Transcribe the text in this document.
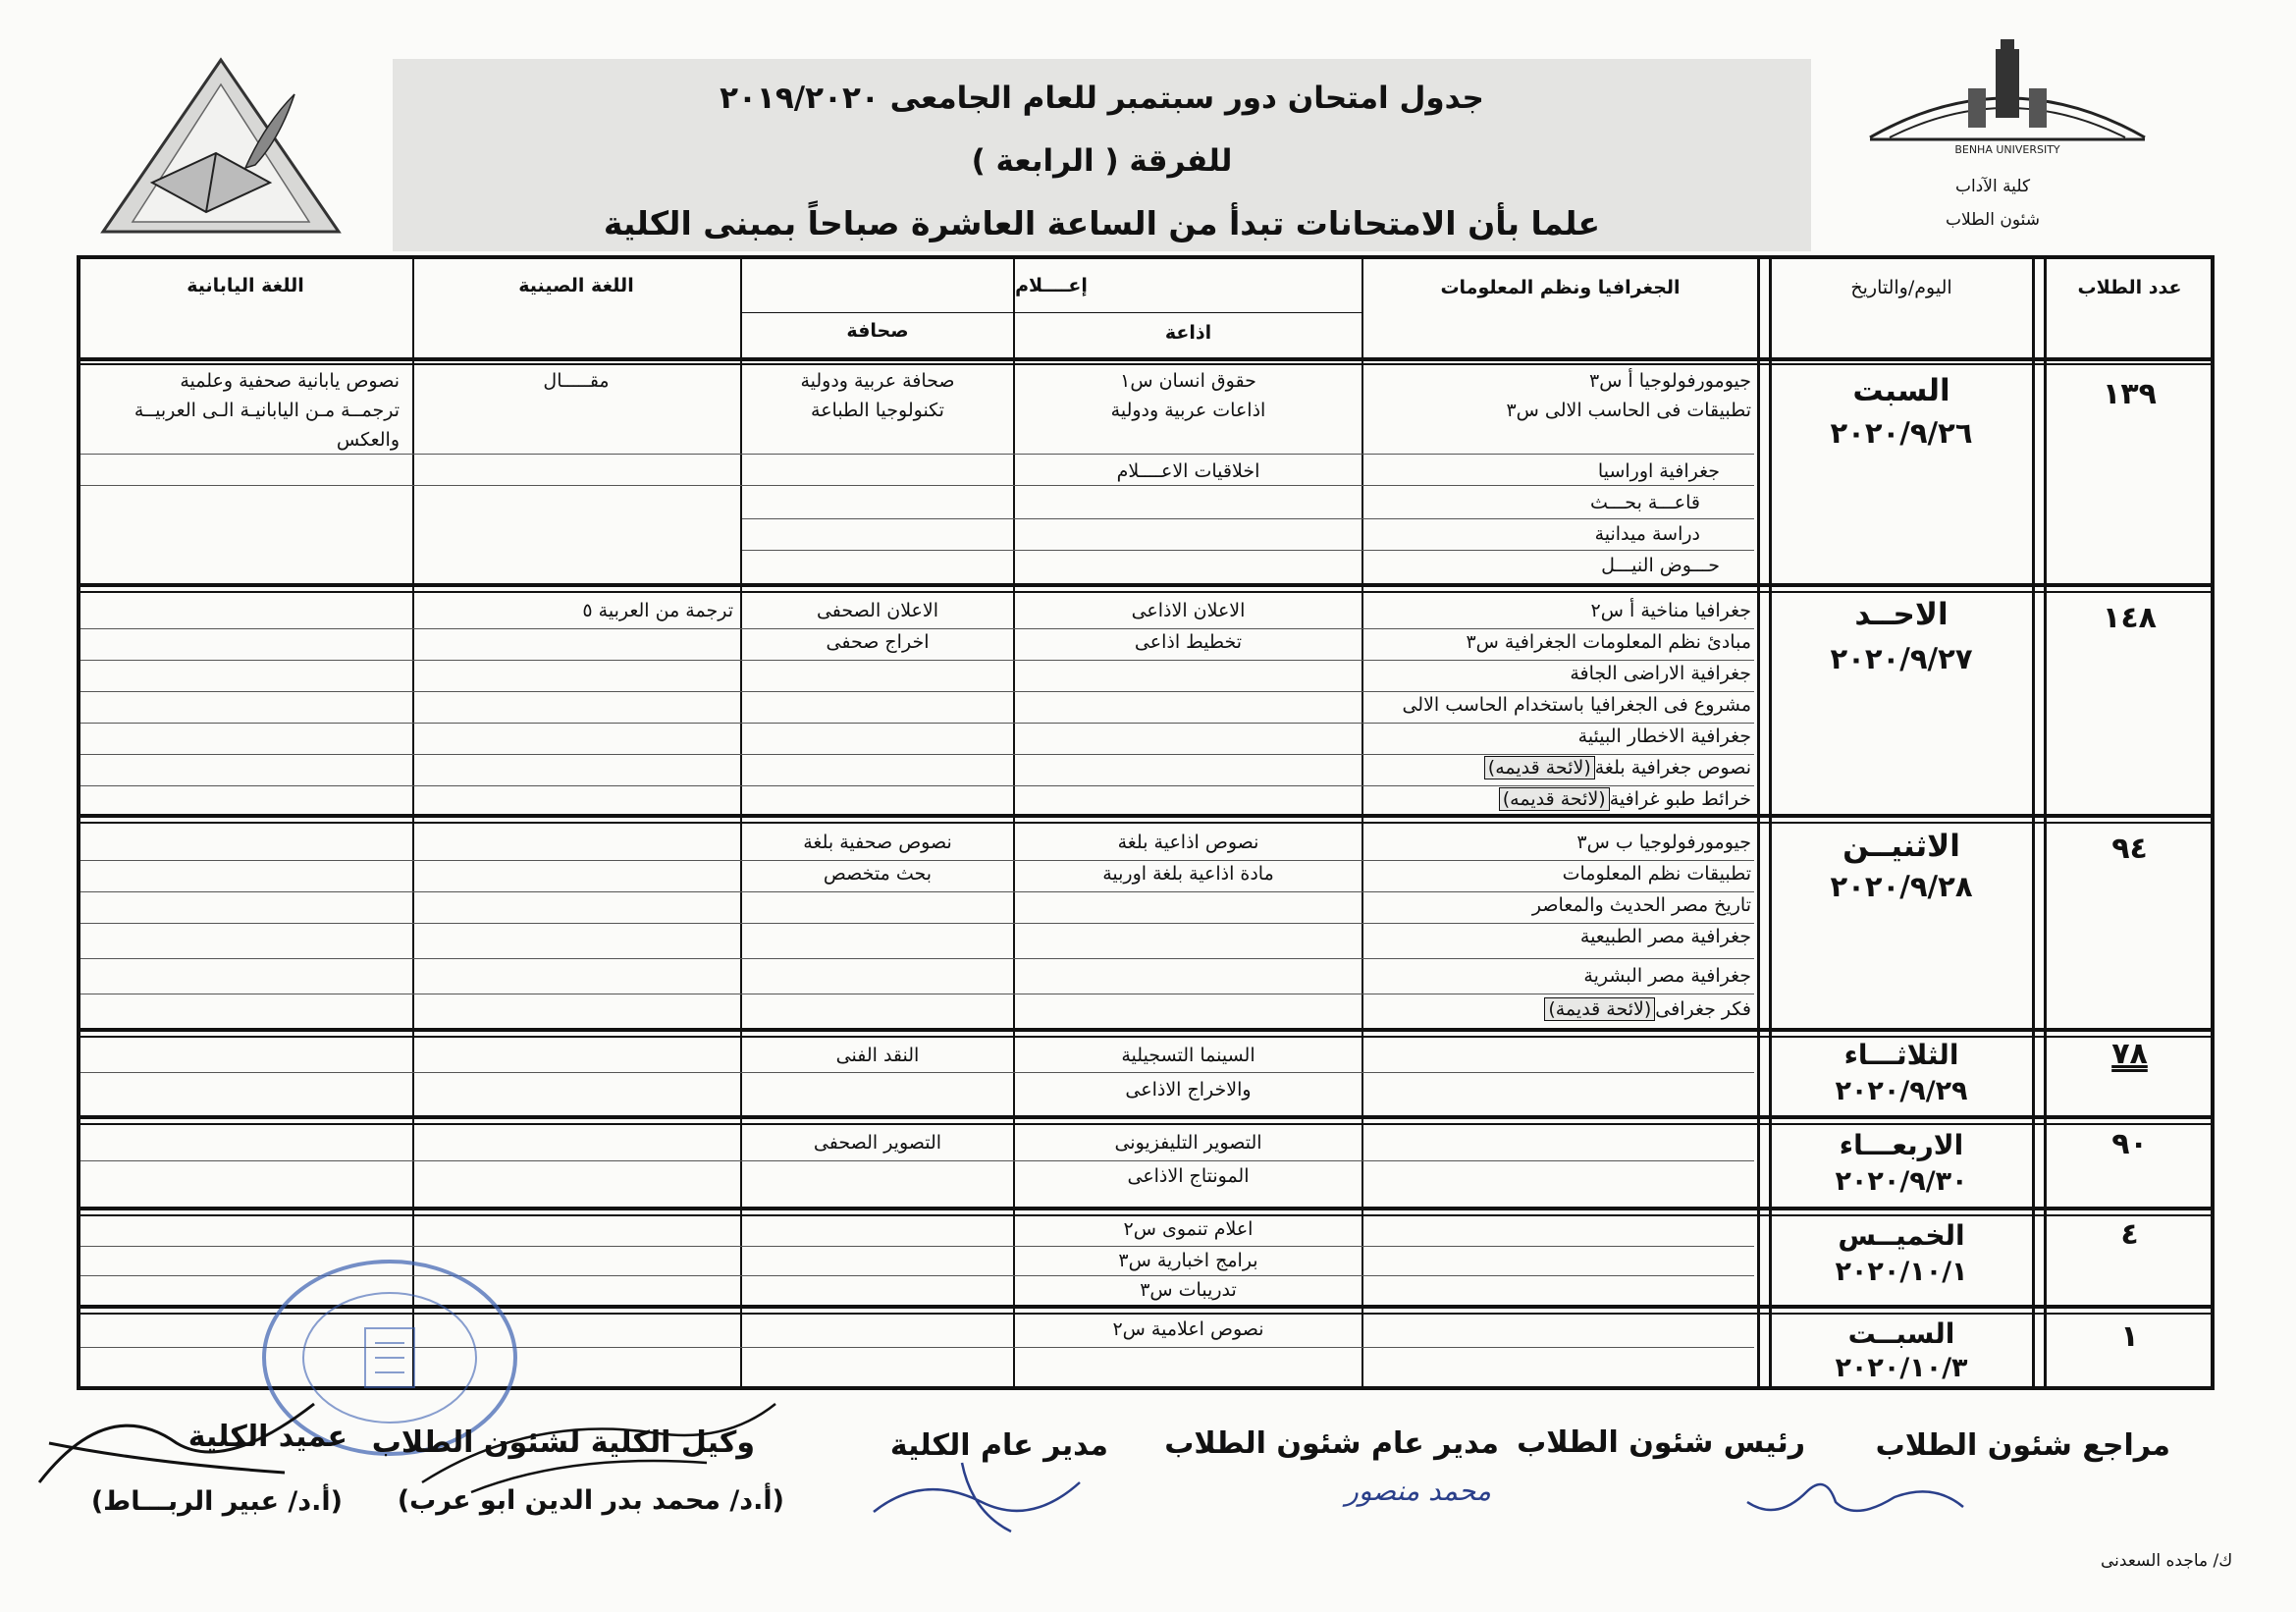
جدول امتحان دور سبتمبر للعام الجامعى ٢٠١٩/٢٠٢٠
للفرقة ( الرابعة )
علما بأن الامتحانات تبدأ من الساعة العاشرة صباحاً بمبنى الكلية
BENHA UNIVERSITY
كلية الآداب
شئون الطلاب
عدد الطلاب
اليوم/والتاريخ
الجغرافيا ونظم المعلومات
إعــــلام
اذاعة
صحافة
اللغة الصينية
اللغة اليابانية
١٣٩
السبت
٢٠٢٠/٩/٢٦
جيومورفولوجيا أ س٣
تطبيقات فى الحاسب الالى س٣
جغرافية اوراسيا
قاعـــة بحـــث
دراسة ميدانية
حـــوض النيـــل
حقوق انسان س١
اذاعات عربية ودولية
اخلاقيات الاعــــلام
صحافة عربية ودولية
تكنولوجيا الطباعة
مقـــــال
نصوص يابانية صحفية وعلمية
ترجمــة مـن اليابانيـة الـى العربيــة
والعكس
١٤٨
الاحــد
٢٠٢٠/٩/٢٧
جغرافيا مناخية أ س٢
مبادئ نظم المعلومات الجغرافية س٣
جغرافية الاراضى الجافة
مشروع فى الجغرافيا باستخدام الحاسب الالى
جغرافية الاخطار البيئية
نصوص جغرافية بلغة(لائحة قديمه)
خرائط طبو غرافية(لائحة قديمه)
الاعلان الاذاعى
تخطيط اذاعى
الاعلان الصحفى
اخراج صحفى
ترجمة من العربية ٥
٩٤
الاثنيــن
٢٠٢٠/٩/٢٨
جيومورفولوجيا ب س٣
تطبيقات نظم المعلومات
تاريخ مصر الحديث والمعاصر
جغرافية مصر الطبيعية
جغرافية مصر البشرية
فكر جغرافى(لائحة قديمة)
نصوص اذاعية بلغة
مادة اذاعية بلغة اوربية
نصوص صحفية بلغة
بحث متخصص
٧٨
الثلاثـــاء
٢٠٢٠/٩/٢٩
السينما التسجيلية
والاخراج الاذاعى
النقد الفنى
٩٠
الاربعـــاء
٢٠٢٠/٩/٣٠
التصوير التليفزيونى
المونتاج الاذاعى
التصوير الصحفى
٤
الخميــس
٢٠٢٠/١٠/١
اعلام تنموى س٢
برامج اخبارية س٣
تدريبات س٣
١
السبــت
٢٠٢٠/١٠/٣
نصوص اعلامية س٢
مراجع شئون الطلاب
رئيس شئون الطلاب
مدير عام شئون الطلاب
مدير عام الكلية
وكيل الكلية لشئون الطلاب
(أ.د/ محمد بدر الدين ابو عرب)
عميد الكلية
(أ.د/ عبير الربـــاط)	محمد منصور
ك/ ماجده السعدنى
